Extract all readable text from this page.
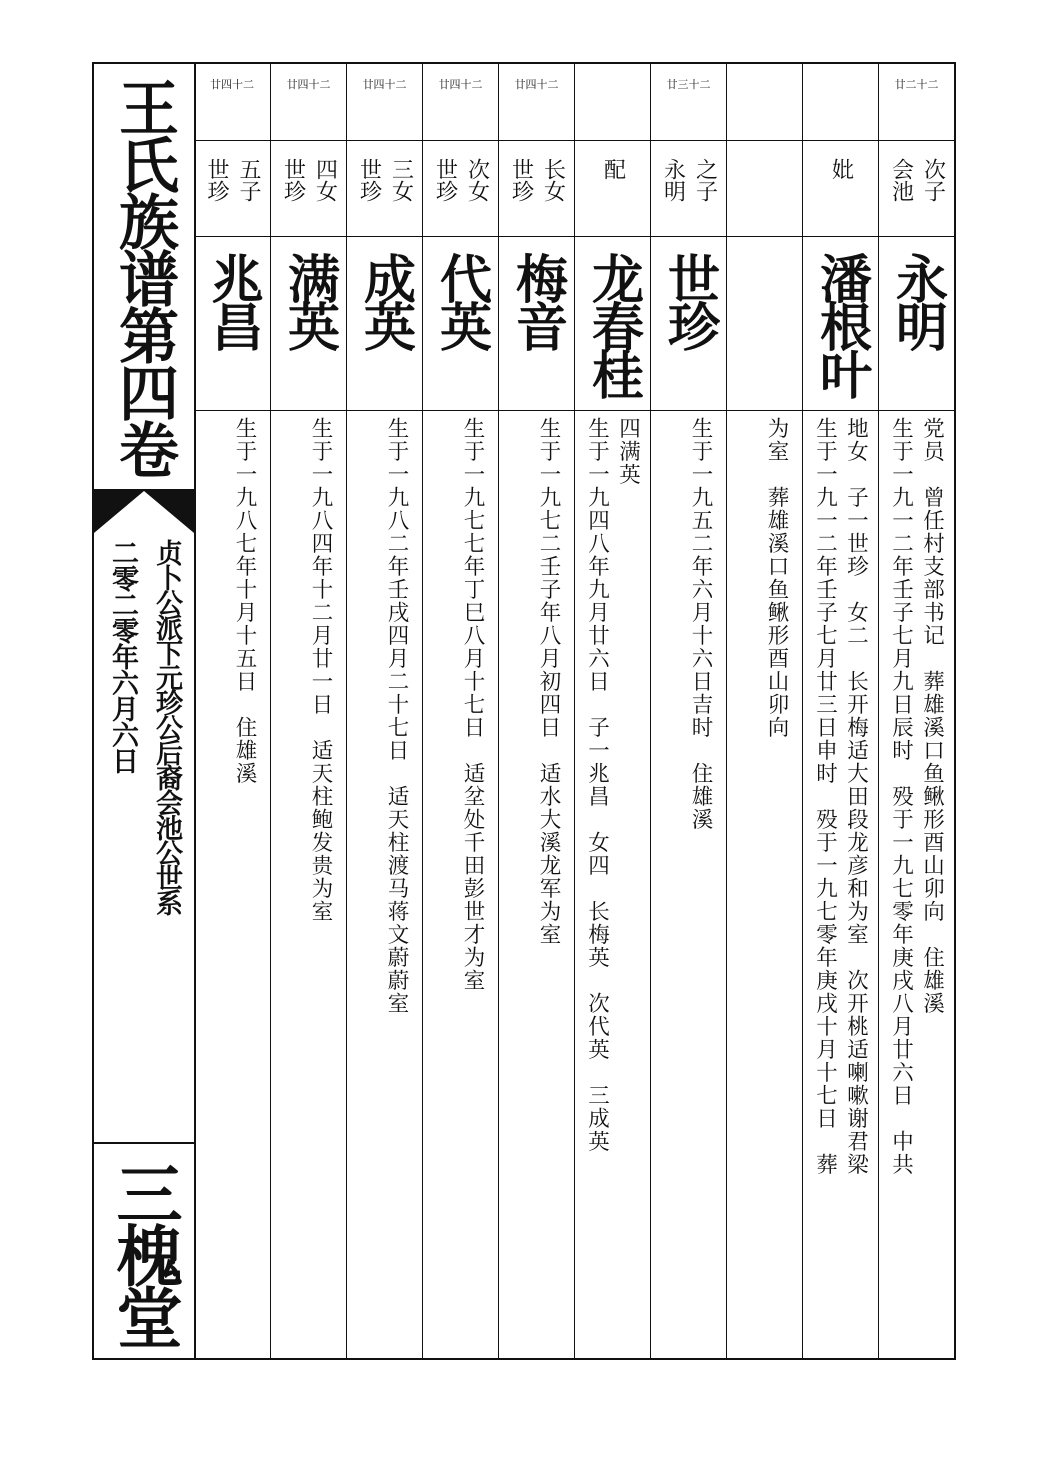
王氏族谱第四卷
贞卜公派下元珍公后裔会池公世系
二零二零年六月六日
三槐堂
廿四十二
五子
世珍
兆昌
生于一九八七年十月十五日　住雄溪
廿四十二
四女
世珍
满英
生于一九八四年十二月廿一日　适天柱鲍发贵为室
廿四十二
三女
世珍
成英
生于一九八二年壬戌四月二十七日　适天柱渡马蒋文蔚蔚室
廿四十二
次女
世珍
代英
生于一九七七年丁巳八月十七日　适坌处千田彭世才为室
廿四十二
长女
世珍
梅音
生于一九七二壬子年八月初四日　适水大溪龙军为室
配
龙春桂
四满英
生于一九四八年九月廿六日　子一兆昌　女四　长梅英　次代英　三成英
廿三十二
之子
永明
世珍
生于一九五二年六月十六日吉时　住雄溪 为室　葬雄溪口鱼鳅形酉山卯向
妣
潘根叶
地女　子一世珍　女二　长开梅适大田段龙彦和为室　次开桃适喇嗽谢君梁
生于一九一二年壬子七月廿三日申时　殁于一九七零年庚戌十月十七日　葬
廿二十二
次子
会池
永明
党员　曾任村支部书记　葬雄溪口鱼鳅形酉山卯向　住雄溪
生于一九一二年壬子七月九日辰时　殁于一九七零年庚戌八月廿六日　中共
